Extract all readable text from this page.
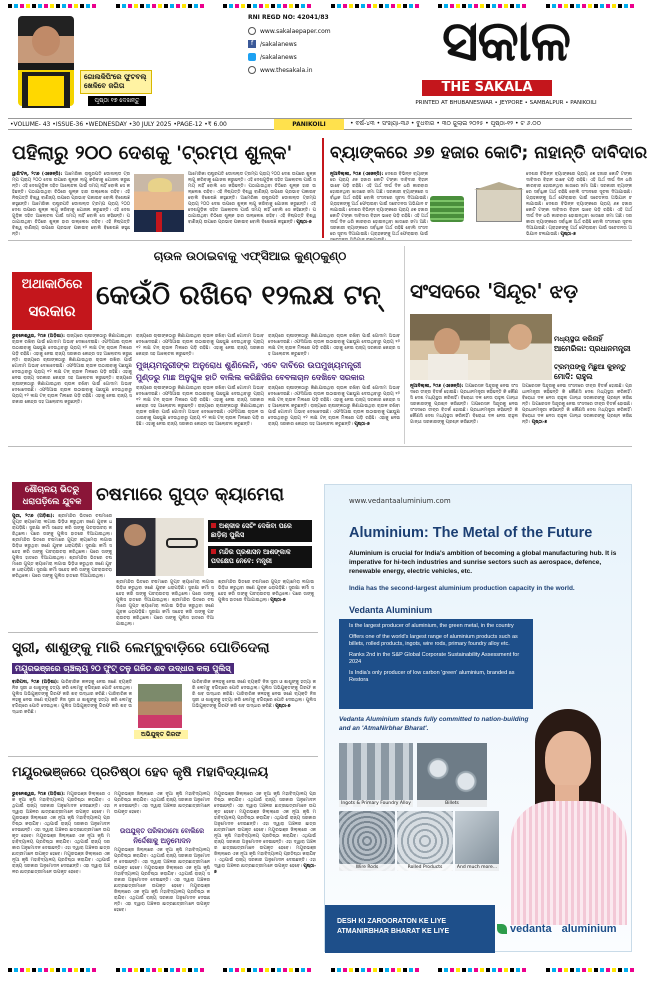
ଗୋଲକିପିଂରେ ଫୁଟବଲ୍ ଖେଳିବେ ଜଗିତା
ପୃଷ୍ଠା ୧୭ ଦେଖନ୍ତୁ
RNI REGD NO: 42041/83
www.sakalaepaper.com
f	/sakalanews
/sakalanews
www.thesakala.in	ସକାଳ
THE SAKALA
PRINTED AT BHUBANESWAR • JEYPORE • SAMBALPUR • PANIKOILI
•VOLUME- 43 •ISSUE-36 •WEDNESDAY •30 JULY 2025 •PAGE-12 •₹ 6.00	PANIKOILI	• ବର୍ଷ-୪୩ • ସଂଖ୍ୟା-୩୬ • ବୁଧବାର • ୩୦ ଜୁଲାଇ ୨୦୨୫ • ପୃଷ୍ଠା-୧୨ • ଟ ୬.୦୦
ପହିଲାରୁ ୨୦୦ ଦେଶକୁ 'ଟ୍ରମ୍ପ ଶୁଳ୍କ'
ୱାଶିଂଟନ୍, ୨୯ା୭ (ଏଜେନ୍ସି): ଆମେରିକା ରାଷ୍ଟ୍ରପତି ଡୋନାଲ୍ଡ ଟ୍ରମ୍ପ ପ୍ରାୟ ୨୦୦ ଦେଶ ଉପରେ ଶୁଳ୍କ ଲାଗୁ କରିବାକୁ ଯୋଜନା କରୁଛନ୍ତି। ଏହି ଦେଶଗୁଡ଼ିକ ସହିତ ଆଲୋଚନା ପାଇଁ ସମୟ ନାହିଁ ବୋଲି ସେ କହିଛନ୍ତି। ପଠାଯାଉଥିବା ଚିଠିରେ ଶୁଳ୍କ ହାର ଉଲ୍ଲେଖ ରହିବ। ଏହି ନିଷ୍ପତ୍ତି ବିଶ୍ୱ ବାଣିଜ୍ୟ ଉପରେ ପ୍ରଭାବ ପକାଇବ ବୋଲି ବିଶେଷଜ୍ଞ କହୁଛନ୍ତି। ଆମେରିକା ରାଷ୍ଟ୍ରପତି ଡୋନାଲ୍ଡ ଟ୍ରମ୍ପ ପ୍ରାୟ ୨୦୦ ଦେଶ ଉପରେ ଶୁଳ୍କ ଲାଗୁ କରିବାକୁ ଯୋଜନା କରୁଛନ୍ତି। ଏହି ଦେଶଗୁଡ଼ିକ ସହିତ ଆଲୋଚନା ପାଇଁ ସମୟ ନାହିଁ ବୋଲି ସେ କହିଛନ୍ତି। ପଠାଯାଉଥିବା ଚିଠିରେ ଶୁଳ୍କ ହାର ଉଲ୍ଲେଖ ରହିବ। ଏହି ନିଷ୍ପତ୍ତି ବିଶ୍ୱ ବାଣିଜ୍ୟ ଉପରେ ପ୍ରଭାବ ପକାଇବ ବୋଲି ବିଶେଷଜ୍ଞ କହୁଛନ୍ତି।
ଆମେରିକା ରାଷ୍ଟ୍ରପତି ଡୋନାଲ୍ଡ ଟ୍ରମ୍ପ ପ୍ରାୟ ୨୦୦ ଦେଶ ଉପରେ ଶୁଳ୍କ ଲାଗୁ କରିବାକୁ ଯୋଜନା କରୁଛନ୍ତି। ଏହି ଦେଶଗୁଡ଼ିକ ସହିତ ଆଲୋଚନା ପାଇଁ ସମୟ ନାହିଁ ବୋଲି ସେ କହିଛନ୍ତି। ପଠାଯାଉଥିବା ଚିଠିରେ ଶୁଳ୍କ ହାର ଉଲ୍ଲେଖ ରହିବ। ଏହି ନିଷ୍ପତ୍ତି ବିଶ୍ୱ ବାଣିଜ୍ୟ ଉପରେ ପ୍ରଭାବ ପକାଇବ ବୋଲି ବିଶେଷଜ୍ଞ କହୁଛନ୍ତି। ଆମେରିକା ରାଷ୍ଟ୍ରପତି ଡୋନାଲ୍ଡ ଟ୍ରମ୍ପ ପ୍ରାୟ ୨୦୦ ଦେଶ ଉପରେ ଶୁଳ୍କ ଲାଗୁ କରିବାକୁ ଯୋଜନା କରୁଛନ୍ତି। ଏହି ଦେଶଗୁଡ଼ିକ ସହିତ ଆଲୋଚନା ପାଇଁ ସମୟ ନାହିଁ ବୋଲି ସେ କହିଛନ୍ତି। ପଠାଯାଉଥିବା ଚିଠିରେ ଶୁଳ୍କ ହାର ଉଲ୍ଲେଖ ରହିବ। ଏହି ନିଷ୍ପତ୍ତି ବିଶ୍ୱ ବାଣିଜ୍ୟ ଉପରେ ପ୍ରଭାବ ପକାଇବ ବୋଲି ବିଶେଷଜ୍ଞ କହୁଛନ୍ତି। ପୃଷ୍ଠା-୭
ବ୍ୟାଙ୍କରେ ୬୭ ହଜାର କୋଟି; ନାହାନ୍ତି ଦାବିଦାର
ନୂଆଦିଲ୍ଲୀ, ୨୯ା୭ (ଏଜେନ୍ସି): ଦେଶର ବିଭିନ୍ନ ବ୍ୟାଙ୍କରେ ପ୍ରାୟ ୬୭ ହଜାର କୋଟି ଟଙ୍କା ଦାବିଦାର ବିହୀନ ଭାବେ ପଡ଼ି ରହିଛି। ଏହି ଅର୍ଥ ଦୀର୍ଘ ଦିନ ଧରି କାରବାର ହୋଇନଥିବା ଖାତାରେ ଜମା ଅଛି। ସରକାରୀ ବ୍ୟାଙ୍କରେ ସର୍ବାଧିକ ଅର୍ଥ ରହିଛି ବୋଲି ସଂସଦରେ ସୂଚନା ଦିଆଯାଇଛି। ଗ୍ରାହକଙ୍କୁ ଅର୍ଥ ଫେରାଇବା ପାଇଁ ସଚେତନତା ଅଭିଯାନ ଚଳାଯାଉଛି। ଦେଶର ବିଭିନ୍ନ ବ୍ୟାଙ୍କରେ ପ୍ରାୟ ୬୭ ହଜାର କୋଟି ଟଙ୍କା ଦାବିଦାର ବିହୀନ ଭାବେ ପଡ଼ି ରହିଛି। ଏହି ଅର୍ଥ ଦୀର୍ଘ ଦିନ ଧରି କାରବାର ହୋଇନଥିବା ଖାତାରେ ଜମା ଅଛି। ସରକାରୀ ବ୍ୟାଙ୍କରେ ସର୍ବାଧିକ ଅର୍ଥ ରହିଛି ବୋଲି ସଂସଦରେ ସୂଚନା ଦିଆଯାଇଛି। ଗ୍ରାହକଙ୍କୁ ଅର୍ଥ ଫେରାଇବା ପାଇଁ
ଦେଶର ବିଭିନ୍ନ ବ୍ୟାଙ୍କରେ ପ୍ରାୟ ୬୭ ହଜାର କୋଟି ଟଙ୍କା ଦାବିଦାର ବିହୀନ ଭାବେ ପଡ଼ି ରହିଛି। ଏହି ଅର୍ଥ ଦୀର୍ଘ ଦିନ ଧରି କାରବାର ହୋଇନଥିବା ଖାତାରେ ଜମା ଅଛି। ସରକାରୀ ବ୍ୟାଙ୍କରେ ସର୍ବାଧିକ ଅର୍ଥ ରହିଛି ବୋଲି ସଂସଦରେ ସୂଚନା ଦିଆଯାଇଛି। ଗ୍ରାହକଙ୍କୁ ଅର୍ଥ ଫେରାଇବା ପାଇଁ ସଚେତନତା ଅଭିଯାନ ଚଳାଯାଉଛି। ଦେଶର ବିଭିନ୍ନ ବ୍ୟାଙ୍କରେ ପ୍ରାୟ ୬୭ ହଜାର କୋଟି ଟଙ୍କା ଦାବିଦାର ବିହୀନ ଭାବେ ପଡ଼ି ରହିଛି। ଏହି ଅର୍ଥ ଦୀର୍ଘ ଦିନ ଧରି କାରବାର ହୋଇନଥିବା ଖାତାରେ ଜମା ଅଛି। ସରକାରୀ ବ୍ୟାଙ୍କରେ ସର୍ବାଧିକ ଅର୍ଥ ରହିଛି ବୋଲି ସଂସଦରେ ସୂଚନା ଦିଆଯାଇଛି। ଗ୍ରାହକଙ୍କୁ ଅର୍ଥ ଫେରାଇବା ପାଇଁ ସଚେତନତା ଅଭିଯାନ ଚଳାଯାଉଛି। ପୃଷ୍ଠା-୭
ଅଥାକାଠିରେ
ସରକାର
ଚାଉଳ ଉଠାଇବାକୁ ଏଫ୍‌ସିଆଇ କୁଣ୍ଠକୁଣ୍ଠ
କେଉଁଠି ରଖିବେ ୧୨ଲକ୍ଷ ଟନ୍
ଭୁବନେଶ୍ୱର, ୨୯ା୭ (ଅଡ଼ିଶା): ରାଜ୍ୟରେ ଚାଷୀଙ୍କଠାରୁ କିଣାଯାଇଥିବା ଚାଉଳ ରଖିବା ପାଇଁ ଗୋଦାମ ଅଭାବ ଦେଖାଦେଇଛି। ଏଫସିଆଇ ଚାଉଳ ଉଠାଇବାକୁ ପଛଘୁଞ୍ଚା ଦେଉଥିବାରୁ ପ୍ରାୟ ୧୨ ଲକ୍ଷ ଟନ୍ ଚାଉଳ ମିଲରେ ପଡ଼ି ରହିଛି। ଏହାକୁ ନେଇ ରାଜ୍ୟ ସରକାର କେନ୍ଦ୍ର ସହ ଆଲୋଚନା କରୁଛନ୍ତି। ରାଜ୍ୟରେ ଚାଷୀଙ୍କଠାରୁ କିଣାଯାଇଥିବା ଚାଉଳ ରଖିବା ପାଇଁ ଗୋଦାମ ଅଭାବ ଦେଖାଦେଇଛି। ଏଫସିଆଇ ଚାଉଳ ଉଠାଇବାକୁ ପଛଘୁଞ୍ଚା ଦେଉଥିବାରୁ ପ୍ରାୟ ୧୨ ଲକ୍ଷ ଟନ୍ ଚାଉଳ ମିଲରେ ପଡ଼ି ରହିଛି। ଏହାକୁ ନେଇ ରାଜ୍ୟ ସରକାର କେନ୍ଦ୍ର ସହ ଆଲୋଚନା କରୁଛନ୍ତି। ରାଜ୍ୟରେ ଚାଷୀଙ୍କଠାରୁ କିଣାଯାଇଥିବା ଚାଉଳ ରଖିବା ପାଇଁ ଗୋଦାମ ଅଭାବ ଦେଖାଦେଇଛି। ଏଫସିଆଇ ଚାଉଳ ଉଠାଇବାକୁ ପଛଘୁଞ୍ଚା ଦେଉଥିବାରୁ ପ୍ରାୟ ୧୨ ଲକ୍ଷ ଟନ୍ ଚାଉଳ ମିଲରେ ପଡ଼ି ରହିଛି। ଏହାକୁ ନେଇ ରାଜ୍ୟ ସରକାର କେନ୍ଦ୍ର ସହ ଆଲୋଚନା କରୁଛନ୍ତି।
ରାଜ୍ୟରେ ଚାଷୀଙ୍କଠାରୁ କିଣାଯାଇଥିବା ଚାଉଳ ରଖିବା ପାଇଁ ଗୋଦାମ ଅଭାବ ଦେଖାଦେଇଛି। ଏଫସିଆଇ ଚାଉଳ ଉଠାଇବାକୁ ପଛଘୁଞ୍ଚା ଦେଉଥିବାରୁ ପ୍ରାୟ ୧୨ ଲକ୍ଷ ଟନ୍ ଚାଉଳ ମିଲରେ ପଡ଼ି ରହିଛି। ଏହାକୁ ନେଇ ରାଜ୍ୟ ସରକାର କେନ୍ଦ୍ର ସହ ଆଲୋଚନା କରୁଛନ୍ତି।
ରାଜ୍ୟରେ ଚାଷୀଙ୍କଠାରୁ କିଣାଯାଇଥିବା ଚାଉଳ ରଖିବା ପାଇଁ ଗୋଦାମ ଅଭାବ ଦେଖାଦେଇଛି। ଏଫସିଆଇ ଚାଉଳ ଉଠାଇବାକୁ ପଛଘୁଞ୍ଚା ଦେଉଥିବାରୁ ପ୍ରାୟ ୧୨ ଲକ୍ଷ ଟନ୍ ଚାଉଳ ମିଲରେ ପଡ଼ି ରହିଛି। ଏହାକୁ ନେଇ ରାଜ୍ୟ ସରକାର କେନ୍ଦ୍ର ସହ ଆଲୋଚନା କରୁଛନ୍ତି।
ମୁଖ୍ୟମନ୍ତ୍ରୀଙ୍କ ଅନୁରୋଧ ଶୁଣିଲେନି, ଏବେ ଦାବିରେ ଉପମୁଖ୍ୟମନ୍ତ୍ରୀ
ମୁଣ୍ଡରୁ ମାଛ ଅନୁଗୁଳ ହାତି ବାଲିଲ କରିଛିଜିର ବେବଳାଚାନ ଦେଖିବେ ସରକାର
ରାଜ୍ୟରେ ଚାଷୀଙ୍କଠାରୁ କିଣାଯାଇଥିବା ଚାଉଳ ରଖିବା ପାଇଁ ଗୋଦାମ ଅଭାବ ଦେଖାଦେଇଛି। ଏଫସିଆଇ ଚାଉଳ ଉଠାଇବାକୁ ପଛଘୁଞ୍ଚା ଦେଉଥିବାରୁ ପ୍ରାୟ ୧୨ ଲକ୍ଷ ଟନ୍ ଚାଉଳ ମିଲରେ ପଡ଼ି ରହିଛି। ଏହାକୁ ନେଇ ରାଜ୍ୟ ସରକାର କେନ୍ଦ୍ର ସହ ଆଲୋଚନା କରୁଛନ୍ତି। ରାଜ୍ୟରେ ଚାଷୀଙ୍କଠାରୁ କିଣାଯାଇଥିବା ଚାଉଳ ରଖିବା ପାଇଁ ଗୋଦାମ ଅଭାବ ଦେଖାଦେଇଛି। ଏଫସିଆଇ ଚାଉଳ ଉଠାଇବାକୁ ପଛଘୁଞ୍ଚା ଦେଉଥିବାରୁ ପ୍ରାୟ ୧୨ ଲକ୍ଷ ଟନ୍ ଚାଉଳ ମିଲରେ ପଡ଼ି ରହିଛି। ଏହାକୁ ନେଇ ରାଜ୍ୟ ସରକାର କେନ୍ଦ୍ର ସହ ଆଲୋଚନା କରୁଛନ୍ତି।
ରାଜ୍ୟରେ ଚାଷୀଙ୍କଠାରୁ କିଣାଯାଇଥିବା ଚାଉଳ ରଖିବା ପାଇଁ ଗୋଦାମ ଅଭାବ ଦେଖାଦେଇଛି। ଏଫସିଆଇ ଚାଉଳ ଉଠାଇବାକୁ ପଛଘୁଞ୍ଚା ଦେଉଥିବାରୁ ପ୍ରାୟ ୧୨ ଲକ୍ଷ ଟନ୍ ଚାଉଳ ମିଲରେ ପଡ଼ି ରହିଛି। ଏହାକୁ ନେଇ ରାଜ୍ୟ ସରକାର କେନ୍ଦ୍ର ସହ ଆଲୋଚନା କରୁଛନ୍ତି। ରାଜ୍ୟରେ ଚାଷୀଙ୍କଠାରୁ କିଣାଯାଇଥିବା ଚାଉଳ ରଖିବା ପାଇଁ ଗୋଦାମ ଅଭାବ ଦେଖାଦେଇଛି। ଏଫସିଆଇ ଚାଉଳ ଉଠାଇବାକୁ ପଛଘୁଞ୍ଚା ଦେଉଥିବାରୁ ପ୍ରାୟ ୧୨ ଲକ୍ଷ ଟନ୍ ଚାଉଳ ମିଲରେ ପଡ଼ି ରହିଛି। ଏହାକୁ ନେଇ ରାଜ୍ୟ ସରକାର କେନ୍ଦ୍ର ସହ ଆଲୋଚନା କରୁଛନ୍ତି। ପୃଷ୍ଠା-୭
ସଂସଦରେ 'ସିନ୍ଦୂର' ଝଡ଼
ମଧ୍ୟସ୍ଥତା କରିନାହିଁ
ଆମେରିକା: ପ୍ରଧାନମନ୍ତ୍ରୀ
ଟ୍ରମ୍ପଙ୍କୁ ମିଛୁଆ କୁହନ୍ତୁ
ମୋଦି: ରାହୁଲ
ନୂଆଦିଲ୍ଲୀ, ୨୯ା୭ (ଏଜେନ୍ସି): ଅପରେସନ ସିନ୍ଦୂରକୁ ନେଇ ସଂସଦରେ ତୀବ୍ର ବିତର୍କ ହୋଇଛି। ପ୍ରଧାନମନ୍ତ୍ରୀ କହିଛନ୍ତି କି କୌଣସି ଦେଶ ମଧ୍ୟସ୍ଥତା କରିନାହିଁ। ବିରୋଧୀ ଦଳ ନେତା ରାହୁଲ ଗାନ୍ଧୀ ସରକାରଙ୍କୁ ପ୍ରଶ୍ନ କରିଛନ୍ତି। ଅପରେସନ ସିନ୍ଦୂରକୁ ନେଇ ସଂସଦରେ ତୀବ୍ର ବିତର୍କ ହୋଇଛି। ପ୍ରଧାନମନ୍ତ୍ରୀ କହିଛନ୍ତି କି କୌଣସି ଦେଶ ମଧ୍ୟସ୍ଥତା କରିନାହିଁ। ବିରୋଧୀ ଦଳ ନେତା ରାହୁଲ ଗାନ୍ଧୀ ସରକାରଙ୍କୁ ପ୍ରଶ୍ନ କରିଛନ୍ତି।
ଅପରେସନ ସିନ୍ଦୂରକୁ ନେଇ ସଂସଦରେ ତୀବ୍ର ବିତର୍କ ହୋଇଛି। ପ୍ରଧାନମନ୍ତ୍ରୀ କହିଛନ୍ତି କି କୌଣସି ଦେଶ ମଧ୍ୟସ୍ଥତା କରିନାହିଁ। ବିରୋଧୀ ଦଳ ନେତା ରାହୁଲ ଗାନ୍ଧୀ ସରକାରଙ୍କୁ ପ୍ରଶ୍ନ କରିଛନ୍ତି। ଅପରେସନ ସିନ୍ଦୂରକୁ ନେଇ ସଂସଦରେ ତୀବ୍ର ବିତର୍କ ହୋଇଛି। ପ୍ରଧାନମନ୍ତ୍ରୀ କହିଛନ୍ତି କି କୌଣସି ଦେଶ ମଧ୍ୟସ୍ଥତା କରିନାହିଁ। ବିରୋଧୀ ଦଳ ନେତା ରାହୁଲ ଗାନ୍ଧୀ ସରକାରଙ୍କୁ ପ୍ରଶ୍ନ କରିଛନ୍ତି। ପୃଷ୍ଠା-୭
ଶୌଚାଳୟ ଭିତରୁ
ଧରାପଡ଼ିଲେ ଯୁବକ ଚଷମାରେ ଗୁପ୍ତ କ୍ୟାମେରା
ପୁରୀ, ୨୯ା୭ (ଅଡ଼ିଶା): ଶ୍ରୀମନ୍ଦିର ଭିତରେ ଚଷମାରେ ଗୁପ୍ତ କ୍ୟାମେରା ଲଗାଇ ଭିଡ଼ିଓ କରୁଥିବା ଜଣେ ଯୁବକ ଧରାପଡ଼ିଛି। ସୁରକ୍ଷା କର୍ମୀ ସନ୍ଦେହ କରି ତାଙ୍କୁ ପଚରାଉଚରା କରିଥିଲେ। ପରେ ତାଙ୍କୁ ପୁଲିସ ହାତରେ ଦିଆଯାଇଥିଲା। ଶ୍ରୀମନ୍ଦିର ଭିତରେ ଚଷମାରେ ଗୁପ୍ତ କ୍ୟାମେରା ଲଗାଇ ଭିଡ଼ିଓ କରୁଥିବା ଜଣେ ଯୁବକ ଧରାପଡ଼ିଛି। ସୁରକ୍ଷା କର୍ମୀ ସନ୍ଦେହ କରି ତାଙ୍କୁ ପଚରାଉଚରା କରିଥିଲେ। ପରେ ତାଙ୍କୁ ପୁଲିସ ହାତରେ ଦିଆଯାଇଥିଲା। ଶ୍ରୀମନ୍ଦିର ଭିତରେ ଚଷମାରେ ଗୁପ୍ତ କ୍ୟାମେରା ଲଗାଇ ଭିଡ଼ିଓ କରୁଥିବା ଜଣେ ଯୁବକ ଧରାପଡ଼ିଛି। ସୁରକ୍ଷା କର୍ମୀ ସନ୍ଦେହ କରି ତାଙ୍କୁ ପଚରାଉଚରା କରିଥିଲେ। ପରେ ତାଙ୍କୁ ପୁଲିସ ହାତରେ ଦିଆଯାଇଥିଲା।
ଅଶ୍ଳୀଳ ସେଟିଂ ଦେଖିବା ପରେ ଛାଡ଼ିଲା ପୁଲିସ
ମନ୍ଦିର ପ୍ରଶାସନ ଆଶଙ୍କାକ ପଦକ୍ଷେପ ନେବେ: ମନ୍ତ୍ରୀ
ଶ୍ରୀମନ୍ଦିର ଭିତରେ ଚଷମାରେ ଗୁପ୍ତ କ୍ୟାମେରା ଲଗାଇ ଭିଡ଼ିଓ କରୁଥିବା ଜଣେ ଯୁବକ ଧରାପଡ଼ିଛି। ସୁରକ୍ଷା କର୍ମୀ ସନ୍ଦେହ କରି ତାଙ୍କୁ ପଚରାଉଚରା କରିଥିଲେ। ପରେ ତାଙ୍କୁ ପୁଲିସ ହାତରେ ଦିଆଯାଇଥିଲା। ଶ୍ରୀମନ୍ଦିର ଭିତରେ ଚଷମାରେ ଗୁପ୍ତ କ୍ୟାମେରା ଲଗାଇ ଭିଡ଼ିଓ କରୁଥିବା ଜଣେ ଯୁବକ ଧରାପଡ଼ିଛି। ସୁରକ୍ଷା କର୍ମୀ ସନ୍ଦେହ କରି ତାଙ୍କୁ ପଚରାଉଚରା କରିଥିଲେ। ପରେ ତାଙ୍କୁ ପୁଲିସ ହାତରେ ଦିଆଯାଇଥିଲା।
ଶ୍ରୀମନ୍ଦିର ଭିତରେ ଚଷମାରେ ଗୁପ୍ତ କ୍ୟାମେରା ଲଗାଇ ଭିଡ଼ିଓ କରୁଥିବା ଜଣେ ଯୁବକ ଧରାପଡ଼ିଛି। ସୁରକ୍ଷା କର୍ମୀ ସନ୍ଦେହ କରି ତାଙ୍କୁ ପଚରାଉଚରା କରିଥିଲେ। ପରେ ତାଙ୍କୁ ପୁଲିସ ହାତରେ ଦିଆଯାଇଥିଲା। ପୃଷ୍ଠା-୭
ସ୍ତ୍ରୀ, ଶାଶୁଙ୍କୁ ମାରି ଲେମ୍ବୁବାଡ଼ିରେ ପୋତିଦେଲା
ମୟୂରଭଞ୍ଜରେ ଚାଞ୍ଚଲ୍ୟ ୨୦ ଫୁଟ୍ ତଳୁ ଗଳିତ ଶବ ଉଦ୍ଧାର କଲା ପୁଲିସ୍
ବାରିପଦା, ୨୯ା୭ (ଅଡ଼ିଶା): ପାରିବାରିକ କଳହକୁ ନେଇ ଜଣେ ବ୍ୟକ୍ତି ନିଜ ସ୍ତ୍ରୀ ଓ ଶାଶୁଙ୍କୁ ହତ୍ୟା କରି ଲେମ୍ବୁ ବଗିଚାରେ ପୋତି ଦେଇଥିଲା। ପୁଲିସ ଅଭିଯୁକ୍ତଙ୍କୁ ଗିରଫ କରି ଶବ ଉଦ୍ଧାର କରିଛି। ପାରିବାରିକ କଳହକୁ ନେଇ ଜଣେ ବ୍ୟକ୍ତି ନିଜ ସ୍ତ୍ରୀ ଓ ଶାଶୁଙ୍କୁ ହତ୍ୟା କରି ଲେମ୍ବୁ ବଗିଚାରେ ପୋତି ଦେଇଥିଲା। ପୁଲିସ ଅଭିଯୁକ୍ତଙ୍କୁ ଗିରଫ କରି ଶବ ଉଦ୍ଧାର କରିଛି।
ଅଭିଯୁକ୍ତ ଗିରଫ
ପାରିବାରିକ କଳହକୁ ନେଇ ଜଣେ ବ୍ୟକ୍ତି ନିଜ ସ୍ତ୍ରୀ ଓ ଶାଶୁଙ୍କୁ ହତ୍ୟା କରି ଲେମ୍ବୁ ବଗିଚାରେ ପୋତି ଦେଇଥିଲା। ପୁଲିସ ଅଭିଯୁକ୍ତଙ୍କୁ ଗିରଫ କରି ଶବ ଉଦ୍ଧାର କରିଛି। ପାରିବାରିକ କଳହକୁ ନେଇ ଜଣେ ବ୍ୟକ୍ତି ନିଜ ସ୍ତ୍ରୀ ଓ ଶାଶୁଙ୍କୁ ହତ୍ୟା କରି ଲେମ୍ବୁ ବଗିଚାରେ ପୋତି ଦେଇଥିଲା। ପୁଲିସ ଅଭିଯୁକ୍ତଙ୍କୁ ଗିରଫ କରି ଶବ ଉଦ୍ଧାର କରିଛି। ପୃଷ୍ଠା-୭
ମୟୂରଭଞ୍ଜରେ ପ୍ରତିଷ୍ଠା ହେବ କୃଷି ମହାବିଦ୍ୟାଳୟ
ଭୁବନେଶ୍ୱର, ୨୯ା୭ (ଅଡ଼ିଶା): ମୟୂରଭଞ୍ଜ ଜିଲ୍ଲାରେ ଏକ ନୂଆ କୃଷି ମହାବିଦ୍ୟାଳୟ ପ୍ରତିଷ୍ଠା କରାଯିବ। ଏଥିପାଇଁ ରାଜ୍ୟ ସରକାର ଅନୁମୋଦନ ଦେଇଛନ୍ତି। ଏହା ଦ୍ୱାରା ଅଞ୍ଚଳର ଛାତ୍ରଛାତ୍ରୀମାନେ ଉପକୃତ ହେବେ। ମୟୂରଭଞ୍ଜ ଜିଲ୍ଲାରେ ଏକ ନୂଆ କୃଷି ମହାବିଦ୍ୟାଳୟ ପ୍ରତିଷ୍ଠା କରାଯିବ। ଏଥିପାଇଁ ରାଜ୍ୟ ସରକାର ଅନୁମୋଦନ ଦେଇଛନ୍ତି। ଏହା ଦ୍ୱାରା ଅଞ୍ଚଳର ଛାତ୍ରଛାତ୍ରୀମାନେ ଉପକୃତ ହେବେ। ମୟୂରଭଞ୍ଜ ଜିଲ୍ଲାରେ ଏକ ନୂଆ କୃଷି ମହାବିଦ୍ୟାଳୟ ପ୍ରତିଷ୍ଠା କରାଯିବ। ଏଥିପାଇଁ ରାଜ୍ୟ ସରକାର ଅନୁମୋଦନ ଦେଇଛନ୍ତି। ଏହା ଦ୍ୱାରା ଅଞ୍ଚଳର ଛାତ୍ରଛାତ୍ରୀମାନେ ଉପକୃତ ହେବେ। ମୟୂରଭଞ୍ଜ ଜିଲ୍ଲାରେ ଏକ ନୂଆ କୃଷି ମହାବିଦ୍ୟାଳୟ ପ୍ରତିଷ୍ଠା କରାଯିବ। ଏଥିପାଇଁ ରାଜ୍ୟ ସରକାର ଅନୁମୋଦନ ଦେଇଛନ୍ତି। ଏହା ଦ୍ୱାରା ଅଞ୍ଚଳର ଛାତ୍ରଛାତ୍ରୀମାନେ ଉପକୃତ ହେବେ।
ମୟୂରଭଞ୍ଜ ଜିଲ୍ଲାରେ ଏକ ନୂଆ କୃଷି ମହାବିଦ୍ୟାଳୟ ପ୍ରତିଷ୍ଠା କରାଯିବ। ଏଥିପାଇଁ ରାଜ୍ୟ ସରକାର ଅନୁମୋଦନ ଦେଇଛନ୍ତି। ଏହା ଦ୍ୱାରା ଅଞ୍ଚଳର ଛାତ୍ରଛାତ୍ରୀମାନେ ଉପକୃତ ହେବେ।
ଉପଯୁକ୍ତ ପରିକାଠାମୋ ବୋଲିରେ
ନିର୍ଦ୍ଦେଶାକୁ ଅନୁମୋଦନ
ମୟୂରଭଞ୍ଜ ଜିଲ୍ଲାରେ ଏକ ନୂଆ କୃଷି ମହାବିଦ୍ୟାଳୟ ପ୍ରତିଷ୍ଠା କରାଯିବ। ଏଥିପାଇଁ ରାଜ୍ୟ ସରକାର ଅନୁମୋଦନ ଦେଇଛନ୍ତି। ଏହା ଦ୍ୱାରା ଅଞ୍ଚଳର ଛାତ୍ରଛାତ୍ରୀମାନେ ଉପକୃତ ହେବେ। ମୟୂରଭଞ୍ଜ ଜିଲ୍ଲାରେ ଏକ ନୂଆ କୃଷି ମହାବିଦ୍ୟାଳୟ ପ୍ରତିଷ୍ଠା କରାଯିବ। ଏଥିପାଇଁ ରାଜ୍ୟ ସରକାର ଅନୁମୋଦନ ଦେଇଛନ୍ତି। ଏହା ଦ୍ୱାରା ଅଞ୍ଚଳର ଛାତ୍ରଛାତ୍ରୀମାନେ ଉପକୃତ ହେବେ। ମୟୂରଭଞ୍ଜ ଜିଲ୍ଲାରେ ଏକ ନୂଆ କୃଷି ମହାବିଦ୍ୟାଳୟ ପ୍ରତିଷ୍ଠା କରାଯିବ। ଏଥିପାଇଁ ରାଜ୍ୟ ସରକାର ଅନୁମୋଦନ ଦେଇଛନ୍ତି। ଏହା ଦ୍ୱାରା ଅଞ୍ଚଳର ଛାତ୍ରଛାତ୍ରୀମାନେ ଉପକୃତ ହେବେ।
ମୟୂରଭଞ୍ଜ ଜିଲ୍ଲାରେ ଏକ ନୂଆ କୃଷି ମହାବିଦ୍ୟାଳୟ ପ୍ରତିଷ୍ଠା କରାଯିବ। ଏଥିପାଇଁ ରାଜ୍ୟ ସରକାର ଅନୁମୋଦନ ଦେଇଛନ୍ତି। ଏହା ଦ୍ୱାରା ଅଞ୍ଚଳର ଛାତ୍ରଛାତ୍ରୀମାନେ ଉପକୃତ ହେବେ। ମୟୂରଭଞ୍ଜ ଜିଲ୍ଲାରେ ଏକ ନୂଆ କୃଷି ମହାବିଦ୍ୟାଳୟ ପ୍ରତିଷ୍ଠା କରାଯିବ। ଏଥିପାଇଁ ରାଜ୍ୟ ସରକାର ଅନୁମୋଦନ ଦେଇଛନ୍ତି। ଏହା ଦ୍ୱାରା ଅଞ୍ଚଳର ଛାତ୍ରଛାତ୍ରୀମାନେ ଉପକୃତ ହେବେ। ମୟୂରଭଞ୍ଜ ଜିଲ୍ଲାରେ ଏକ ନୂଆ କୃଷି ମହାବିଦ୍ୟାଳୟ ପ୍ରତିଷ୍ଠା କରାଯିବ। ଏଥିପାଇଁ ରାଜ୍ୟ ସରକାର ଅନୁମୋଦନ ଦେଇଛନ୍ତି। ଏହା ଦ୍ୱାରା ଅଞ୍ଚଳର ଛାତ୍ରଛାତ୍ରୀମାନେ ଉପକୃତ ହେବେ। ମୟୂରଭଞ୍ଜ ଜିଲ୍ଲାରେ ଏକ ନୂଆ କୃଷି ମହାବିଦ୍ୟାଳୟ ପ୍ରତିଷ୍ଠା କରାଯିବ। ଏଥିପାଇଁ ରାଜ୍ୟ ସରକାର ଅନୁମୋଦନ ଦେଇଛନ୍ତି। ଏହା ଦ୍ୱାରା ଅଞ୍ଚଳର ଛାତ୍ରଛାତ୍ରୀମାନେ ଉପକୃତ ହେବେ। ପୃଷ୍ଠା-୭
www.vedantaaluminium.com
Aluminium: The Metal of the Future
Aluminium is crucial for India's ambition of becoming a global manufacturing hub. It is imperative for hi-tech industries and sunrise sectors such as aerospace, defence, renewable energy, electric vehicles, etc.
India has the second-largest aluminium production capacity in the world.
Vedanta Aluminium
Is the largest producer of aluminium, the green metal, in the country
Offers one of the world's largest range of aluminium products such as billets, rolled products, ingots, wire rods, primary foundry alloy etc.
Ranks 2nd in the S&P Global Corporate Sustainability Assessment for 2024
Is India's only producer of low carbon 'green' aluminium, branded as Restora
Vedanta Aluminium stands fully committed to nation-building and an 'AtmaNirbhar Bharat'.
Ingots & Primary Foundry Alloy	Billets
Wire Rods	Rolled Products	And much more...
DESH KI ZAROORATON KE LIYE
ATMANIRBHAR BHARAT KE LIYE	vedanta aluminium
